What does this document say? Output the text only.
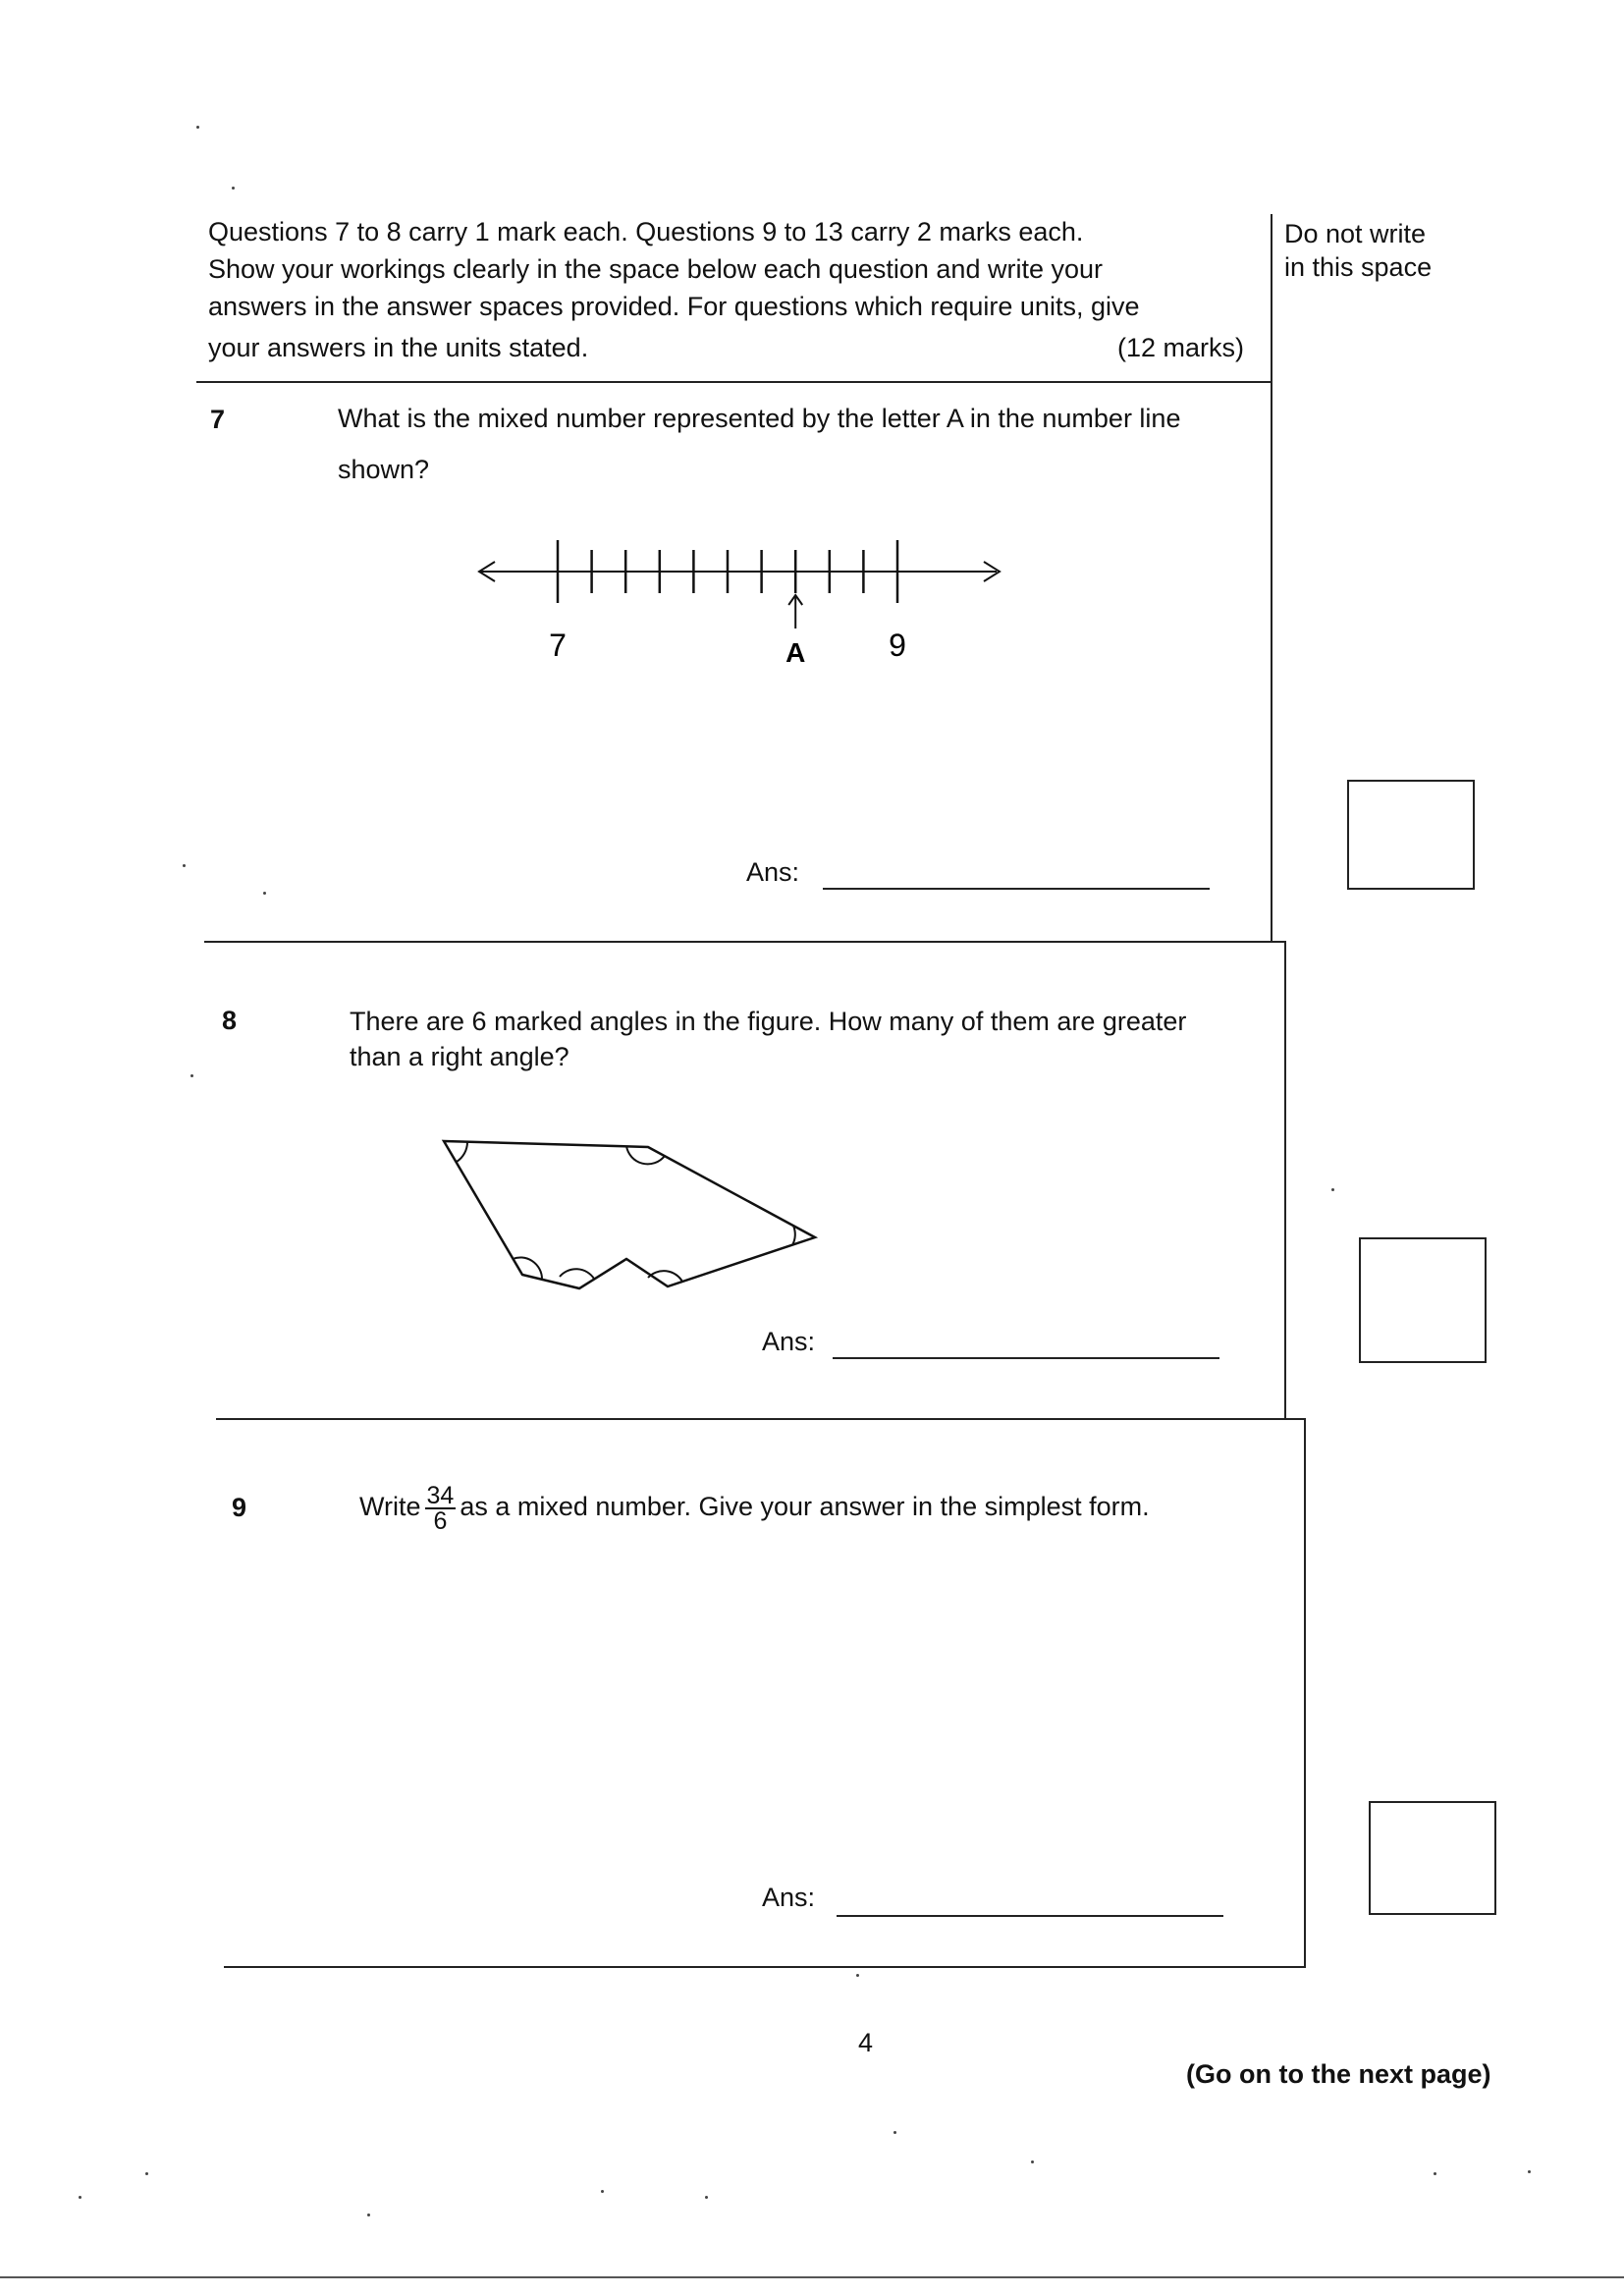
Questions 7 to 8 carry 1 mark each. Questions 9 to 13 carry 2 marks each.
Show your workings clearly in the space below each question and write your
answers in the answer spaces provided. For questions which require units, give
your answers in the units stated.	(12 marks)
Do not write
in this space
7	What is the mixed number represented by the letter A in the number line
shown?
7	9
A
Ans:
8	There are 6 marked angles in the figure. How many of them are greater
than a right angle?
Ans:
9	Write $\frac{34}{6}$ as a mixed number. Give your answer in the simplest form.
Ans:
4
(Go on to the next page)
